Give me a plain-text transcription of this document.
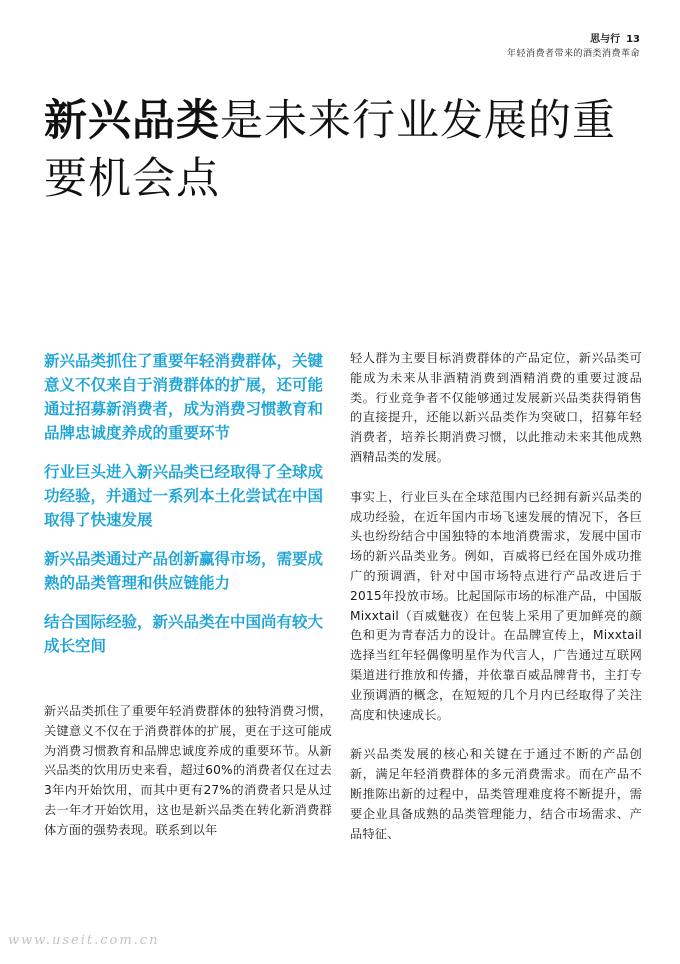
思与行 13
年轻消费者带来的酒类消费革命
新兴品类是未来行业发展的重要机会点

新兴品类抓住了重要年轻消费群体，关键意义不仅来自于消费群体的扩展，还可能通过招募新消费者，成为消费习惯教育和品牌忠诚度养成的重要环节

行业巨头进入新兴品类已经取得了全球成功经验，并通过一系列本土化尝试在中国取得了快速发展

新兴品类通过产品创新赢得市场，需要成熟的品类管理和供应链能力

结合国际经验，新兴品类在中国尚有较大成长空间

新兴品类抓住了重要年轻消费群体的独特消费习惯，关键意义不仅在于消费群体的扩展，更在于这可能成为消费习惯教育和品牌忠诚度养成的重要环节。从新兴品类的饮用历史来看，超过60%的消费者仅在过去3年内开始饮用，而其中更有27%的消费者只是从过去一年才开始饮用，这也是新兴品类在转化新消费群体方面的强势表现。联系到以年

轻人群为主要目标消费群体的产品定位，新兴品类可能成为未来从非酒精消费到酒精消费的重要过渡品类。行业竞争者不仅能够通过发展新兴品类获得销售的直接提升，还能以新兴品类作为突破口，招募年轻消费者，培养长期消费习惯，以此推动未来其他成熟酒精品类的发展。

事实上，行业巨头在全球范围内已经拥有新兴品类的成功经验，在近年国内市场飞速发展的情况下，各巨头也纷纷结合中国独特的本地消费需求，发展中国市场的新兴品类业务。例如，百威将已经在国外成功推广的预调酒，针对中国市场特点进行产品改进后于2015年投放市场。比起国际市场的标准产品，中国版Mixxtail（百威魅夜）在包装上采用了更加鲜亮的颜色和更为青春活力的设计。在品牌宣传上，Mixxtail选择当红年轻偶像明星作为代言人，广告通过互联网渠道进行推放和传播，并依靠百威品牌背书，主打专业预调酒的概念，在短短的几个月内已经取得了关注高度和快速成长。

新兴品类发展的核心和关键在于通过不断的产品创新，满足年轻消费群体的多元消费需求。而在产品不断推陈出新的过程中，品类管理难度将不断提升，需要企业具备成熟的品类管理能力，结合市场需求、产品特征、

www.useit.com.cn
